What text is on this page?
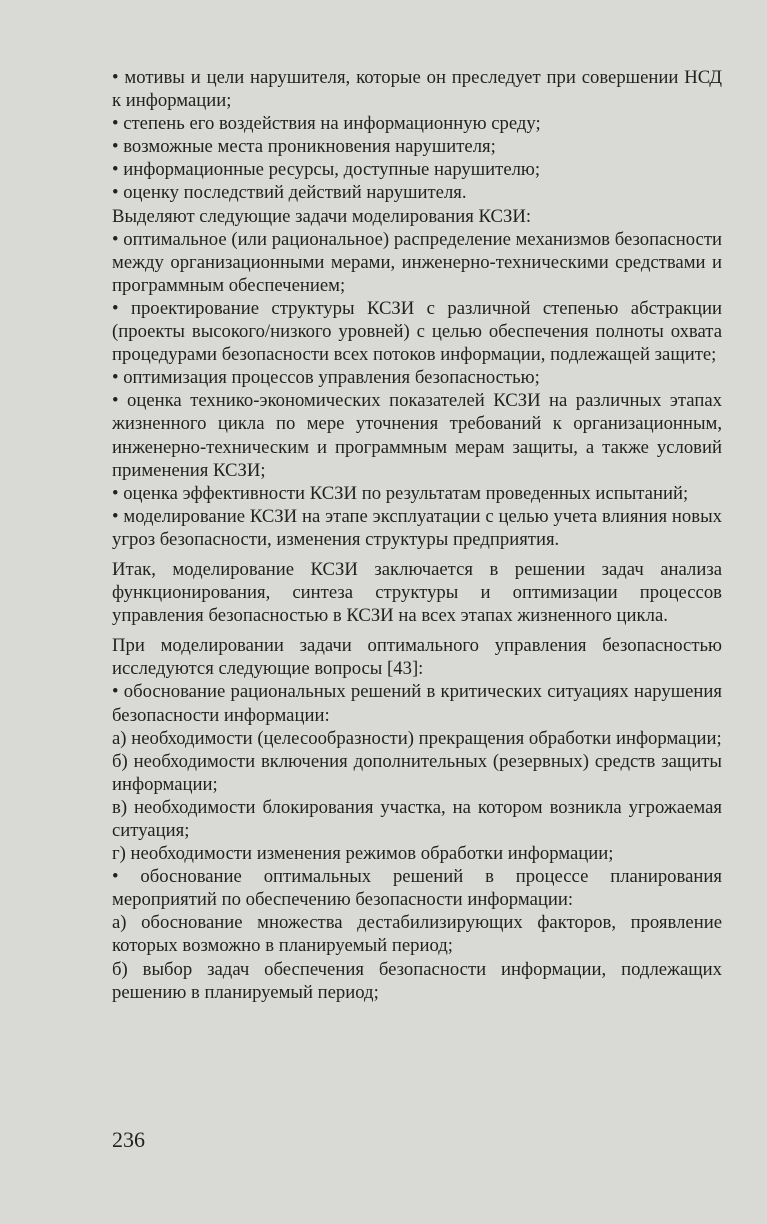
• мотивы и цели нарушителя, которые он преследует при совершении НСД к информации;

• степень его воздействия на информационную среду;

• возможные места проникновения нарушителя;

• информационные ресурсы, доступные нарушителю;

• оценку последствий действий нарушителя.

Выделяют следующие задачи моделирования КСЗИ:

• оптимальное (или рациональное) распределение механизмов безопасности между организационными мерами, инженерно-техническими средствами и программным обеспечением;

• проектирование структуры КСЗИ с различной степенью абстракции (проекты высокого/низкого уровней) с целью обеспечения полноты охвата процедурами безопасности всех потоков информации, подлежащей защите;

• оптимизация процессов управления безопасностью;

• оценка технико-экономических показателей КСЗИ на различных этапах жизненного цикла по мере уточнения требований к организационным, инженерно-техническим и программным мерам защиты, а также условий применения КСЗИ;

• оценка эффективности КСЗИ по результатам проведенных испытаний;

• моделирование КСЗИ на этапе эксплуатации с целью учета влияния новых угроз безопасности, изменения структуры предприятия.

Итак, моделирование КСЗИ заключается в решении задач анализа функционирования, синтеза структуры и оптимизации процессов управления безопасностью в КСЗИ на всех этапах жизненного цикла.

При моделировании задачи оптимального управления безопасностью исследуются следующие вопросы [43]:

• обоснование рациональных решений в критических ситуациях нарушения безопасности информации:

а) необходимости (целесообразности) прекращения обработки информации;

б) необходимости включения дополнительных (резервных) средств защиты информации;

в) необходимости блокирования участка, на котором возникла угрожаемая ситуация;

г) необходимости изменения режимов обработки информации;

• обоснование оптимальных решений в процессе планирования мероприятий по обеспечению безопасности информации:

а) обоснование множества дестабилизирующих факторов, проявление которых возможно в планируемый период;

б) выбор задач обеспечения безопасности информации, подлежащих решению в планируемый период;

236
